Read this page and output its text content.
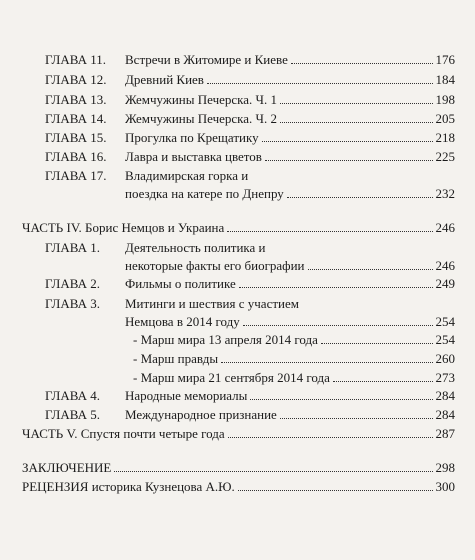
ГЛАВА 11. Встречи в Житомире и Киеве	176
ГЛАВА 12. Древний Киев	184
ГЛАВА 13. Жемчужины Печерска. Ч. 1	198
ГЛАВА 14. Жемчужины Печерска. Ч. 2	205
ГЛАВА 15. Прогулка по Крещатику	218
ГЛАВА 16. Лавра и выставка цветов	225
ГЛАВА 17. Владимирская горка и
поездка на катере по Днепру	232
ЧАСТЬ IV. Борис Немцов и Украина	246
ГЛАВА 1. Деятельность политика и
некоторые факты его биографии	246
ГЛАВА 2. Фильмы о политике	249
ГЛАВА 3. Митинги и шествия с участием
Немцова в 2014 году	254
- Марш мира 13 апреля 2014 года	254
- Марш правды	260
- Марш мира 21 сентября 2014 года	273
ГЛАВА 4. Народные мемориалы	284
ГЛАВА 5. Международное признание	284
ЧАСТЬ V. Спустя почти четыре года	287
ЗАКЛЮЧЕНИЕ	298
РЕЦЕНЗИЯ историка Кузнецова А.Ю.	300
